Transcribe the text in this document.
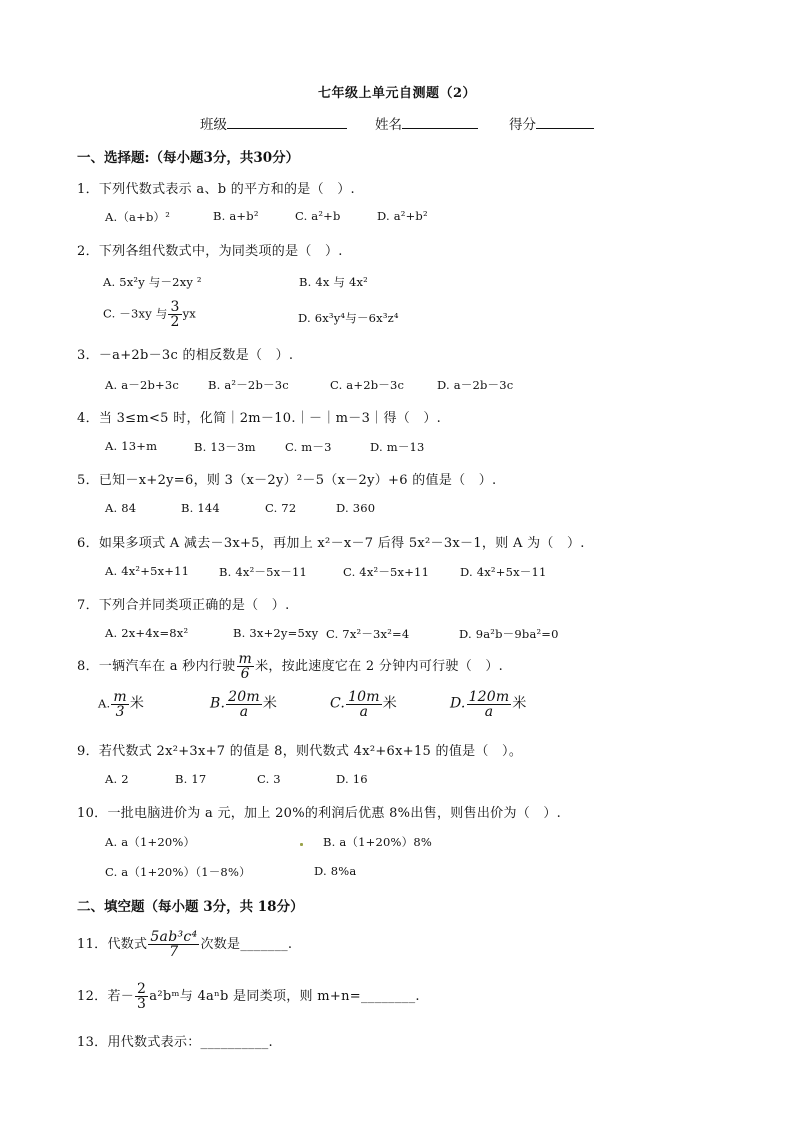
七年级上单元自测题（2）
班级	姓名	得分
一、选择题:（每小题3分，共30分）
1．下列代数式表示 a、b 的平方和的是（　）.
A.（a+b）²	B. a+b²	C. a²+b	D. a²+b²
2．下列各组代数式中，为同类项的是（　）.
A. 5x²y 与－2xy ²	B. 4x 与 4x²
C. －3xy 与 $\frac{3}{2}$ yx	D. 6x³y⁴与－6x³z⁴
3．－a+2b－3c 的相反数是（　）.
A. a－2b+3c	B. a²－2b－3c	C. a+2b－3c	D. a－2b－3c
4．当 3≤m<5 时，化简｜2m－10.｜－｜m－3｜得（　）.
A. 13+m	B. 13－3m	C. m－3	D. m－13
5．已知－x+2y=6，则 3（x－2y）²－5（x－2y）+6 的值是（　）.
A. 84	B. 144	C. 72	D. 360
6．如果多项式 A 减去－3x+5，再加上 x²－x－7 后得 5x²－3x－1，则 A 为（　）.
A. 4x²+5x+11	B. 4x²－5x－11	C. 4x²－5x+11	D. 4x²+5x－11
7．下列合并同类项正确的是（　）.
A. 2x+4x=8x²	B. 3x+2y=5xy C. 7x²－3x²=4	D. 9a²b－9ba²=0
8．一辆汽车在 a 秒内行驶 $\frac{m}{6}$ 米，按此速度它在 2 分钟内可行驶（　）.
A. $\frac{m}{3}$ 米	B. $\frac{20m}{a}$ 米	C. $\frac{10m}{a}$ 米	D. $\frac{120m}{a}$ 米
9．若代数式 2x²+3x+7 的值是 8，则代数式 4x²+6x+15 的值是（　）。
A. 2	B. 17	C. 3	D. 16
10．一批电脑进价为 a 元，加上 20%的利润后优惠 8%出售，则售出价为（　）.
A. a（1+20%）	B. a（1+20%）8%
C. a（1+20%）（1－8%）	D. 8%a
二、填空题（每小题 3分，共 18分）
11．代数式 $\frac{\text{5ab³c⁴}}{7}$ 次数是_______.
12．若－ $\frac{2}{3}$ a²bᵐ与 4aⁿb 是同类项，则 m+n=________.
13．用代数式表示：__________.
